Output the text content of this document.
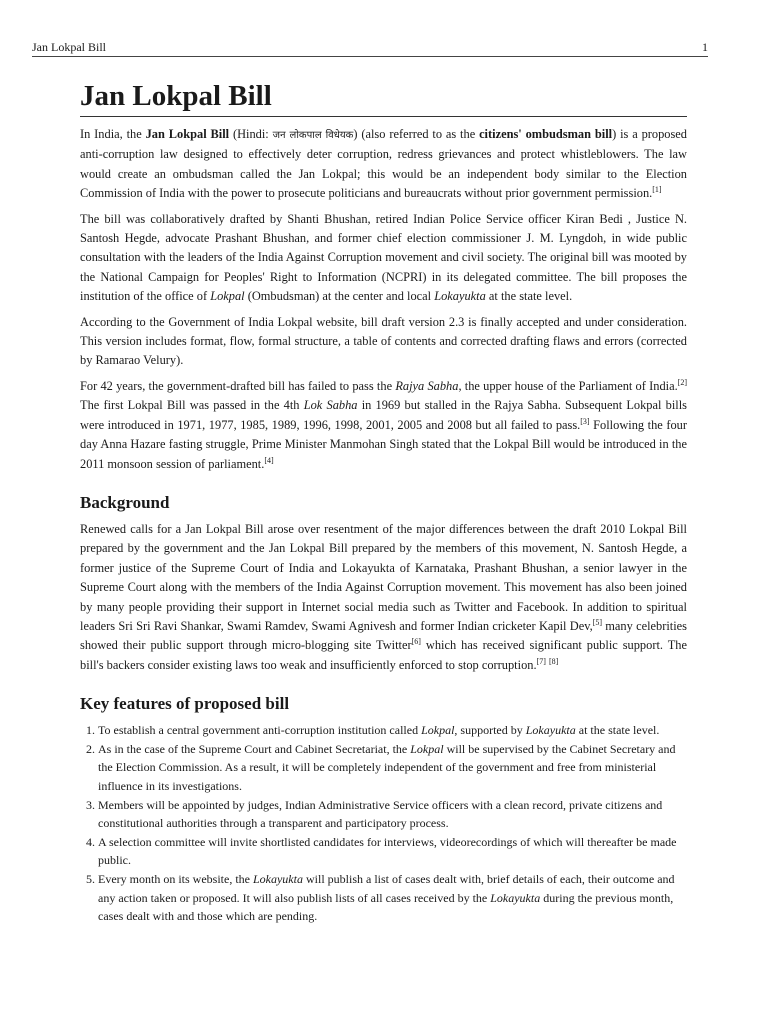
Jan Lokpal Bill	1
Jan Lokpal Bill

In India, the Jan Lokpal Bill (Hindi: जन लोकपाल विधेयक) (also referred to as the citizens' ombudsman bill) is a proposed anti-corruption law designed to effectively deter corruption, redress grievances and protect whistleblowers. The law would create an ombudsman called the Jan Lokpal; this would be an independent body similar to the Election Commission of India with the power to prosecute politicians and bureaucrats without prior government permission.[1]

The bill was collaboratively drafted by Shanti Bhushan, retired Indian Police Service officer Kiran Bedi , Justice N. Santosh Hegde, advocate Prashant Bhushan, and former chief election commissioner J. M. Lyngdoh, in wide public consultation with the leaders of the India Against Corruption movement and civil society. The original bill was mooted by the National Campaign for Peoples' Right to Information (NCPRI) in its delegated committee. The bill proposes the institution of the office of Lokpal (Ombudsman) at the center and local Lokayukta at the state level.

According to the Government of India Lokpal website, bill draft version 2.3 is finally accepted and under consideration. This version includes format, flow, formal structure, a table of contents and corrected drafting flaws and errors (corrected by Ramarao Velury).

For 42 years, the government-drafted bill has failed to pass the Rajya Sabha, the upper house of the Parliament of India.[2] The first Lokpal Bill was passed in the 4th Lok Sabha in 1969 but stalled in the Rajya Sabha. Subsequent Lokpal bills were introduced in 1971, 1977, 1985, 1989, 1996, 1998, 2001, 2005 and 2008 but all failed to pass.[3] Following the four day Anna Hazare fasting struggle, Prime Minister Manmohan Singh stated that the Lokpal Bill would be introduced in the 2011 monsoon session of parliament.[4]

Background

Renewed calls for a Jan Lokpal Bill arose over resentment of the major differences between the draft 2010 Lokpal Bill prepared by the government and the Jan Lokpal Bill prepared by the members of this movement, N. Santosh Hegde, a former justice of the Supreme Court of India and Lokayukta of Karnataka, Prashant Bhushan, a senior lawyer in the Supreme Court along with the members of the India Against Corruption movement. This movement has also been joined by many people providing their support in Internet social media such as Twitter and Facebook. In addition to spiritual leaders Sri Sri Ravi Shankar, Swami Ramdev, Swami Agnivesh and former Indian cricketer Kapil Dev,[5] many celebrities showed their public support through micro-blogging site Twitter[6] which has received significant public support. The bill's backers consider existing laws too weak and insufficiently enforced to stop corruption.[7] [8]

Key features of proposed bill
1. To establish a central government anti-corruption institution called Lokpal, supported by Lokayukta at the state level.
2. As in the case of the Supreme Court and Cabinet Secretariat, the Lokpal will be supervised by the Cabinet Secretary and the Election Commission. As a result, it will be completely independent of the government and free from ministerial influence in its investigations.
3. Members will be appointed by judges, Indian Administrative Service officers with a clean record, private citizens and constitutional authorities through a transparent and participatory process.
4. A selection committee will invite shortlisted candidates for interviews, videorecordings of which will thereafter be made public.
5. Every month on its website, the Lokayukta will publish a list of cases dealt with, brief details of each, their outcome and any action taken or proposed. It will also publish lists of all cases received by the Lokayukta during the previous month, cases dealt with and those which are pending.
